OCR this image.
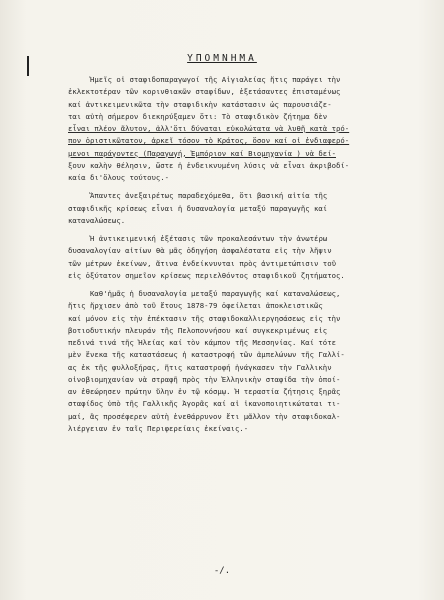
ΥΠΟΜΝΗΜΑ
Ἡμεῖς οἱ σταφιδοπαραγωγοί τῆς Αἰγιαλείας ἥτις παράγει τὴν
ἐκλεκτοτέραν τῶν κορινθιακῶν σταφίδων, ἐξετάσαντες ἐπισταμένως
καί ἀντικειμενικῶτα τὴν σταφιδικὴν κατάστασιν ὡς παρουσιάζε-
ται αὐτὴ σήμερον διεκηρύξαμεν ὅτι: Τὸ σταφιδικὸν ζήτημα δὲν
εἶναι πλέον ἄλυτον, ἀλλ'ὅτι δύναται εὐκολώτατα νὰ λυθῆ κατὰ τρό-
πον ὁριστικῶτατον, ἀρκεῖ τόσον τὸ Κράτος, ὅσον καί οἱ ἐνδιαφερό-
μενοι παράγοντες (Παραγωγή, Ἐμπόριον καί Βιομηχανία ) νὰ δεί-
ξουν καλὴν θέλησιν, ὥστε ἡ ἐνδεικνυμένη λύσις νὰ εἶναι ἀκριβοδί-
καία δι'ὅλους τούτους.-
Ἅπαντες ἀνεξαιρέτως παραδεχόμεθα, ὅτι βασική αἰτία τῆς
σταφιδικῆς κρίσεως εἶναι ἡ δυσαναλογία μεταξύ παραγωγῆς καί
καταναλώσεως.
Ἡ ἀντικειμενική ἐξέτασις τῶν προκαλεσάντων τὴν ἀνωτέρω
δυσαναλογίαν αἰτίων θὰ μᾶς ὁδηγήση ἀσφαλέστατα εἰς τὴν λῆψιν
τῶν μέτρων ἐκείνων, ἅτινα ἐνδείκνυνται πρὸς ἀντιμετώπισιν τοῦ
εἰς ὀξύτατον σημεῖον κρίσεως περιελθόντος σταφιδικοῦ ζητήματος.
Καθ'ἡμᾶς ἡ δυσαναλογία μεταξύ παραγωγῆς καί καταναλώσεως,
ἥτις ἤρχισεν ἀπὸ τοῦ ἔτους 1878-79 ὀφείλεται ἀποκλειστικῶς
καί μόνον εἰς τὴν ἐπέκτασιν τῆς σταφιδοκαλλιεργησάσεως εἰς τὴν
βοτιοδυτικήν πλευράν τῆς Πελοποννήσου καί συγκεκριμένως εἰς
πεδινά τινά τῆς Ἠλείας καί τὸν κάμπον τῆς Μεσσηνίας. Καί τότε
μὲν ἕνεκα τῆς καταστάσεως ἡ καταστροφή τῶν ἀμπελώνων τῆς Γαλλί-
ας ἐκ τῆς φυλλοξήρας, ἥτις καταστροφή ἠνάγκασεν τὴν Γαλλικὴν
οἰνοβιομηχανίαν νὰ στραφῆ πρὸς τὴν Ἑλληνικὴν σταφίδα τὴν ὁποί-
αν ἐθεώρησεν πρώτην ὕλην ἐν τῷ κόσμῳ. Ἡ τεραστία ζήτησις ξηρᾶς
σταφίδος ὑπὸ τῆς Γαλλικῆς Ἀγορᾶς καί αἱ ἱκανοποιητικώταται τι-
μαί, ἃς προσέφερεν αὐτὴ ἐνεθάρρυνον ἔτι μᾶλλον τὴν σταφιδοκαλ-
λιέργειαν ἐν ταῖς Περιφερείαις ἐκείναις.-
-/.
